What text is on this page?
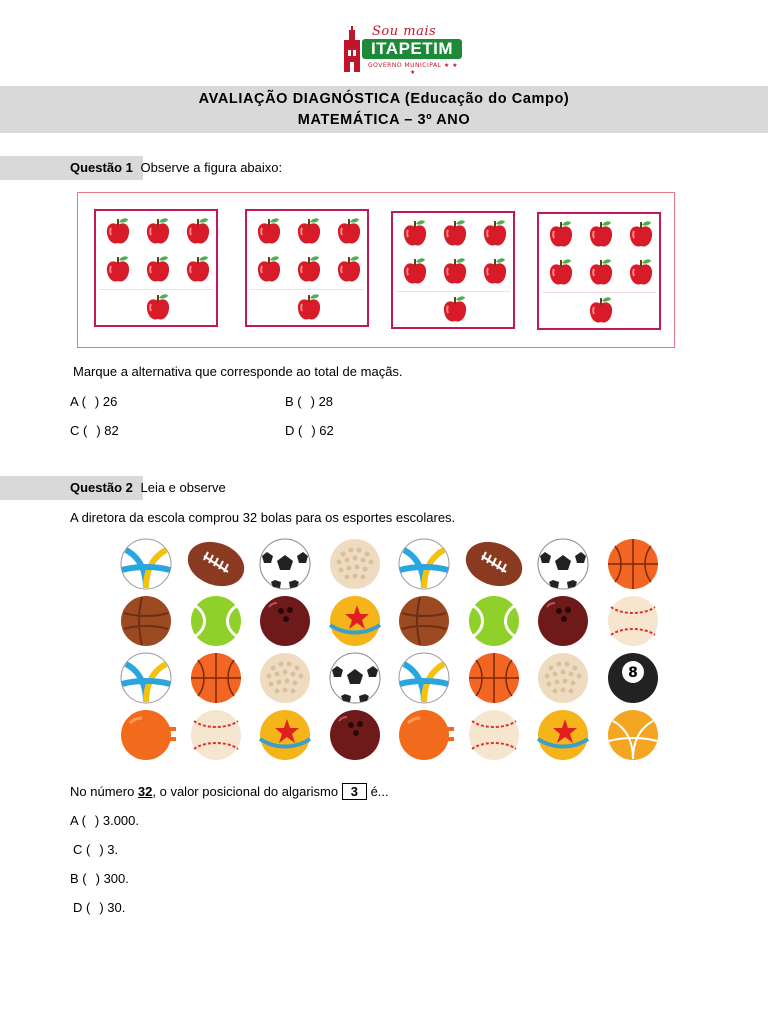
Sou mais
ITAPETIM
GOVERNO MUNICIPAL ★ ★ ★
AVALIAÇÃO DIAGNÓSTICA (Educação do Campo)
MATEMÁTICA – 3º ANO
Questão 1 Observe a figura abaixo:
Marque a alternativa que corresponde ao total de maçãs.
A ( ) 26	B ( ) 28
C ( ) 82	D ( ) 62
Questão 2 Leia e observe
A diretora da escola comprou 32 bolas para os esportes escolares.
8
No número 32, o valor posicional do algarismo 3 é...
A ( ) 3.000.
C ( ) 3.
B ( ) 300.
D ( ) 30.
